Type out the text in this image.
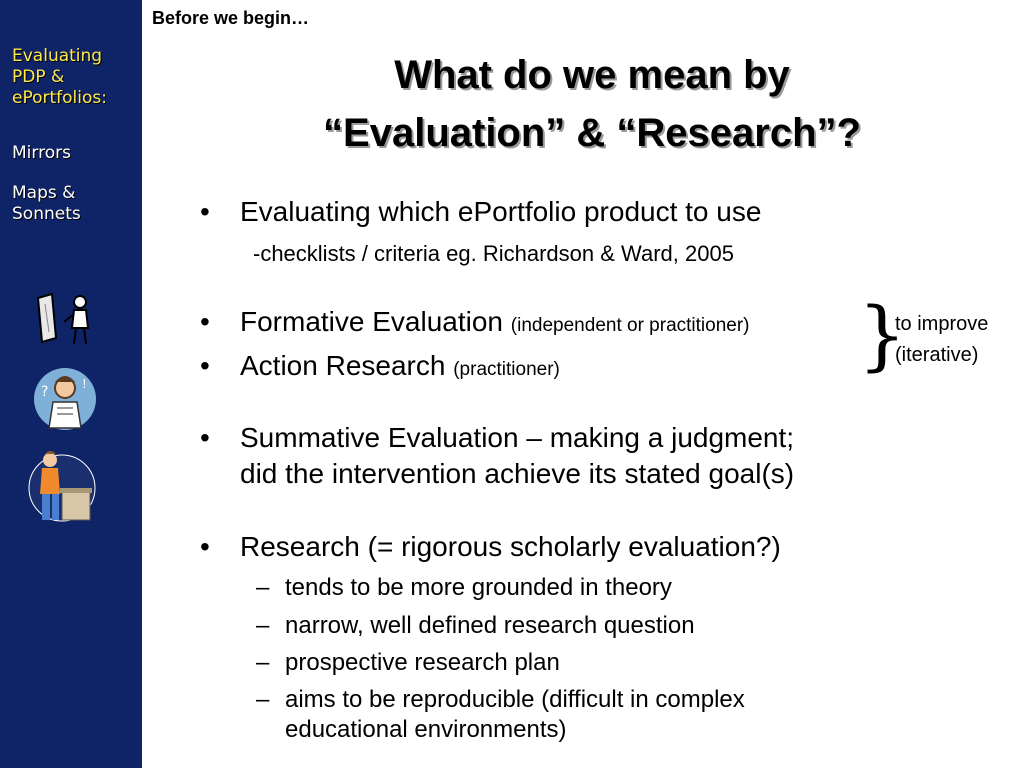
Evaluating
PDP &
ePortfolios:
Mirrors
Maps &
Sonnets
?	!
Before we begin…
What do we mean by
“Evaluation” & “Research”?
• Evaluating which ePortfolio product to use
-checklists / criteria eg. Richardson & Ward, 2005
• Formative Evaluation (independent or practitioner)
• Action Research (practitioner)	}
to improve
(iterative)
• Summative Evaluation – making a judgment;
did the intervention achieve its stated goal(s)
• Research (= rigorous scholarly evaluation?)
– tends to be more grounded in theory
– narrow, well defined research question
– prospective research plan
– aims to be reproducible (difficult in complex
educational environments)
